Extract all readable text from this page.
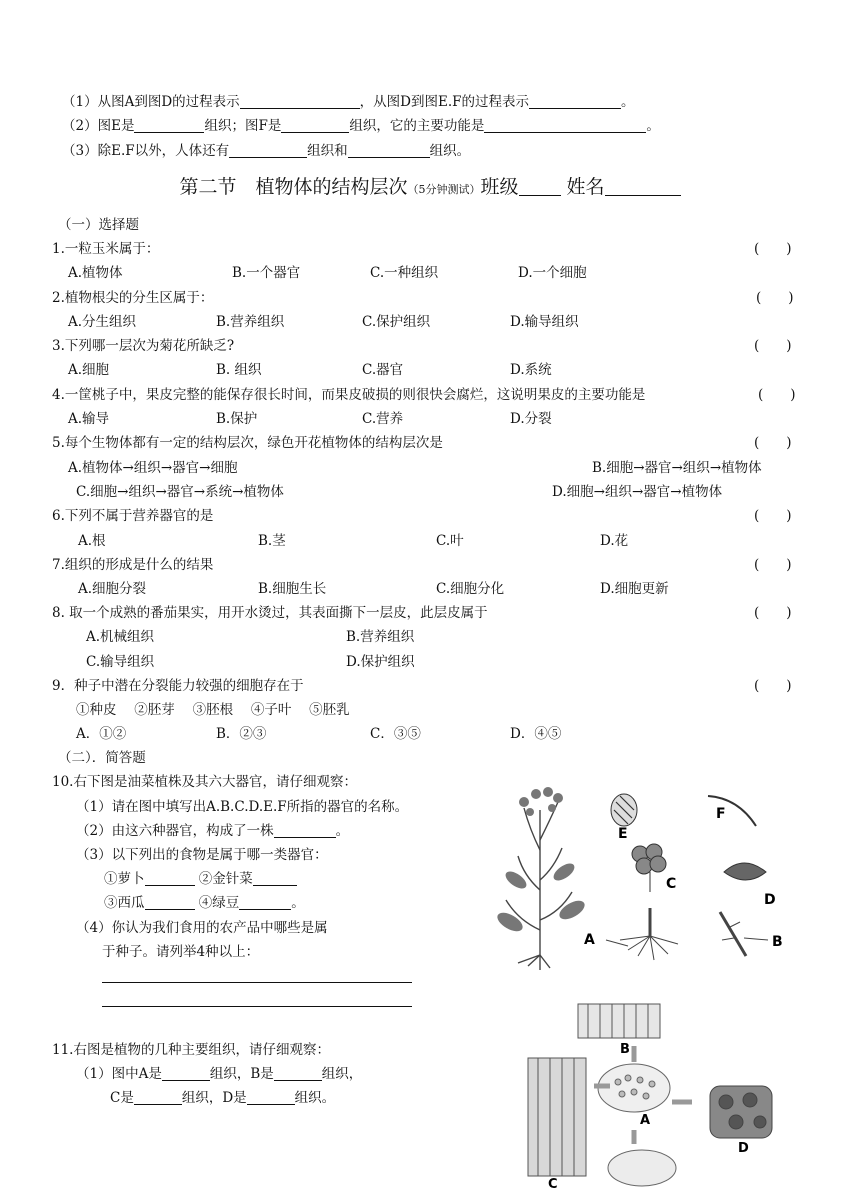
（1）从图A到图D的过程表示	，从图D到图E.F的过程表示	。
（2）图E是	组织；图F是	组织，它的主要功能是	。
（3）除E.F以外，人体还有	组织和	组织。
第二节　植物体的结构层次（5分钟测试）班级	姓名
（一）选择题
1.一粒玉米属于：	(　　)
A.植物体	B.一个器官	C.一种组织	D.一个细胞
2.植物根尖的分生区属于：	(　　)
A.分生组织	B.营养组织	C.保护组织	D.输导组织
3.下列哪一层次为菊花所缺乏?	(　　)
A.细胞	B. 组织	C.器官	D.系统
4.一筐桃子中，果皮完整的能保存很长时间，而果皮破损的则很快会腐烂，这说明果皮的主要功能是	(　　)
A.输导	B.保护	C.营养	D.分裂
5.每个生物体都有一定的结构层次，绿色开花植物体的结构层次是	(　　)
A.植物体→组织→器官→细胞	B.细胞→器官→组织→植物体
C.细胞→组织→器官→系统→植物体	D.细胞→组织→器官→植物体
6.下列不属于营养器官的是	(　　)
A.根	B.茎	C.叶	D.花
7.组织的形成是什么的结果	(　　)
A.细胞分裂	B.细胞生长	C.细胞分化	D.细胞更新
8. 取一个成熟的番茄果实，用开水烫过，其表面撕下一层皮，此层皮属于	(　　)
A.机械组织	B.营养组织
C.输导组织	D.保护组织
9．种子中潜在分裂能力较强的细胞存在于	(　　)
①种皮　 ②胚芽　 ③胚根　 ④子叶　 ⑤胚乳
A．①②	B．②③	C．③⑤	D．④⑤
（二）．简答题
10.右下图是油菜植株及其六大器官，请仔细观察：
（1）请在图中填写出A.B.C.D.E.F所指的器官的名称。
（2）由这六种器官，构成了一株	。
（3）以下列出的食物是属于哪一类器官：
①萝卜	②金针菜
③西瓜	④绿豆	。
（4）你认为我们食用的农产品中哪些是属
于种子。请列举4种以上：
11.右图是植物的几种主要组织，请仔细观察：
（1）图中A是	组织，B是	组织，
C是	组织，D是	组织。
E
F
C
D
A	B
B
C
A
D
